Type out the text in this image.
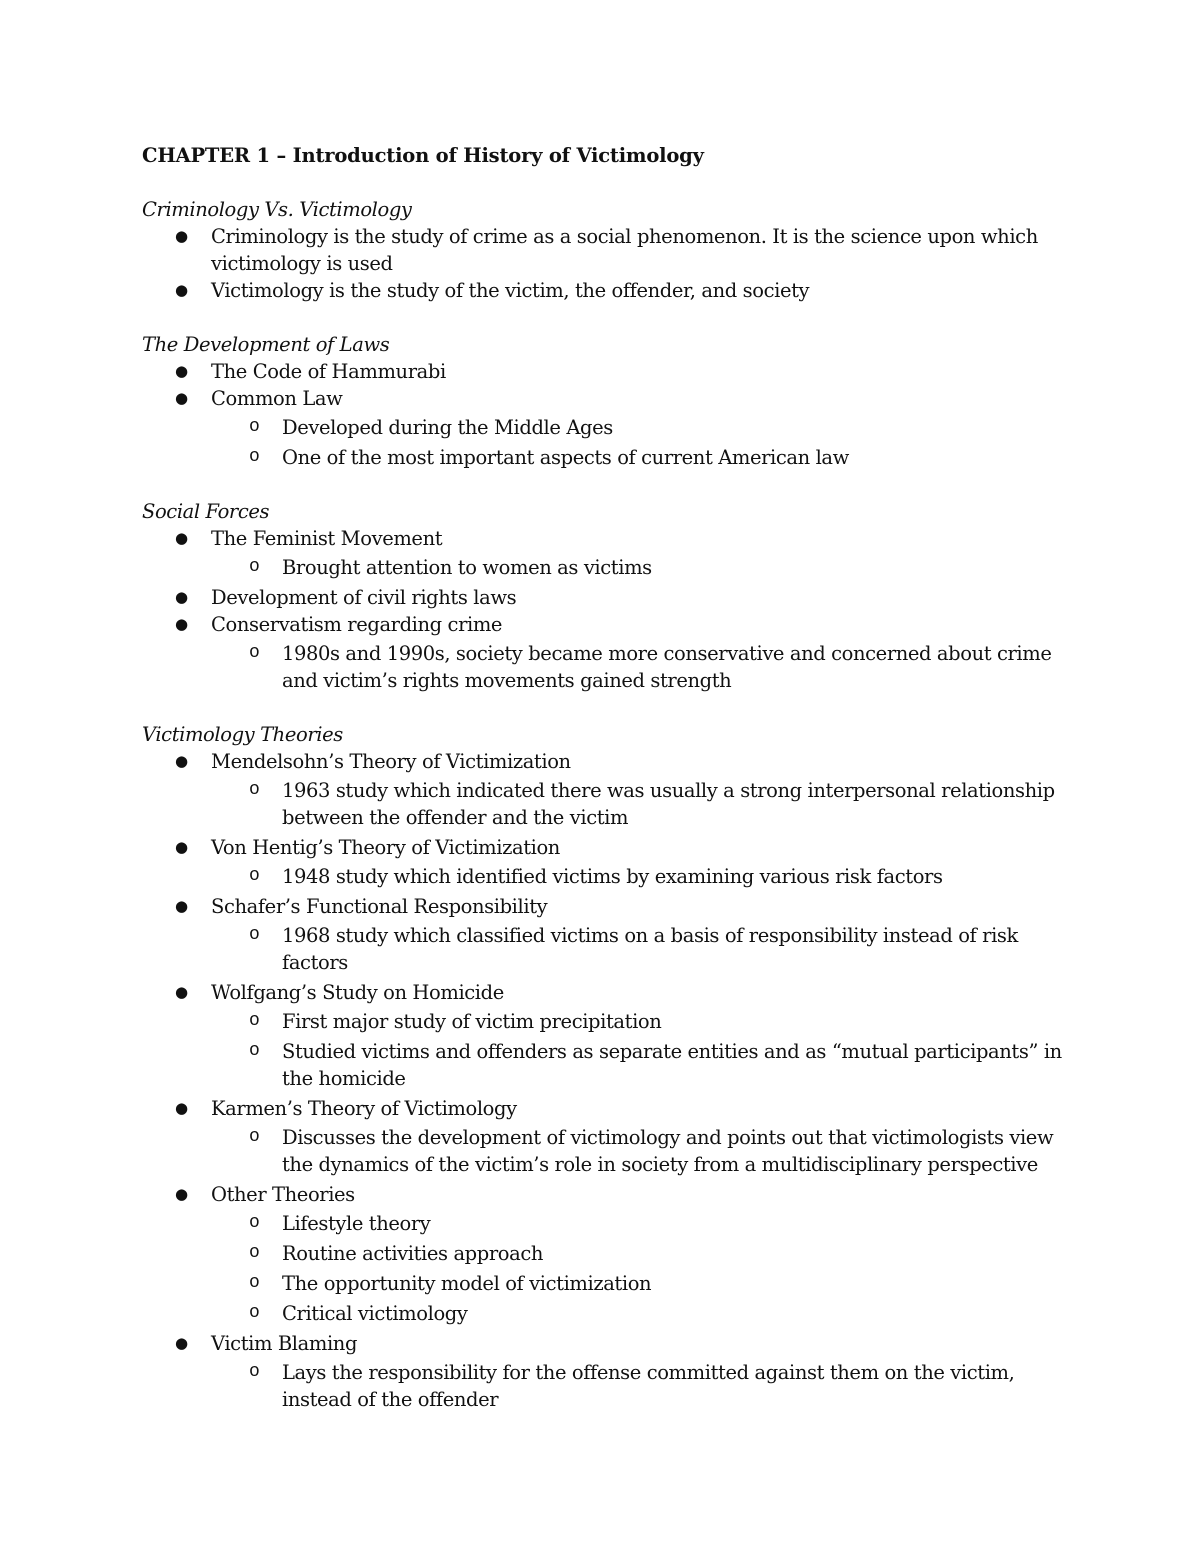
CHAPTER 1 – Introduction of History of Victimology
Criminology Vs. Victimology
● Criminology is the study of crime as a social phenomenon. It is the science upon which victimology is used
● Victimology is the study of the victim, the offender, and society
The Development of Laws
● The Code of Hammurabi
● Common Law
o Developed during the Middle Ages
o One of the most important aspects of current American law
Social Forces
● The Feminist Movement
o Brought attention to women as victims
● Development of civil rights laws
● Conservatism regarding crime
o 1980s and 1990s, society became more conservative and concerned about crime and victim’s rights movements gained strength
Victimology Theories
● Mendelsohn’s Theory of Victimization
o 1963 study which indicated there was usually a strong interpersonal relationship between the offender and the victim
● Von Hentig’s Theory of Victimization
o 1948 study which identified victims by examining various risk factors
● Schafer’s Functional Responsibility
o 1968 study which classified victims on a basis of responsibility instead of risk factors
● Wolfgang’s Study on Homicide
o First major study of victim precipitation
o Studied victims and offenders as separate entities and as “mutual participants” in the homicide
● Karmen’s Theory of Victimology
o Discusses the development of victimology and points out that victimologists view the dynamics of the victim’s role in society from a multidisciplinary perspective
● Other Theories
o Lifestyle theory
o Routine activities approach
o The opportunity model of victimization
o Critical victimology
● Victim Blaming
o Lays the responsibility for the offense committed against them on the victim, instead of the offender
